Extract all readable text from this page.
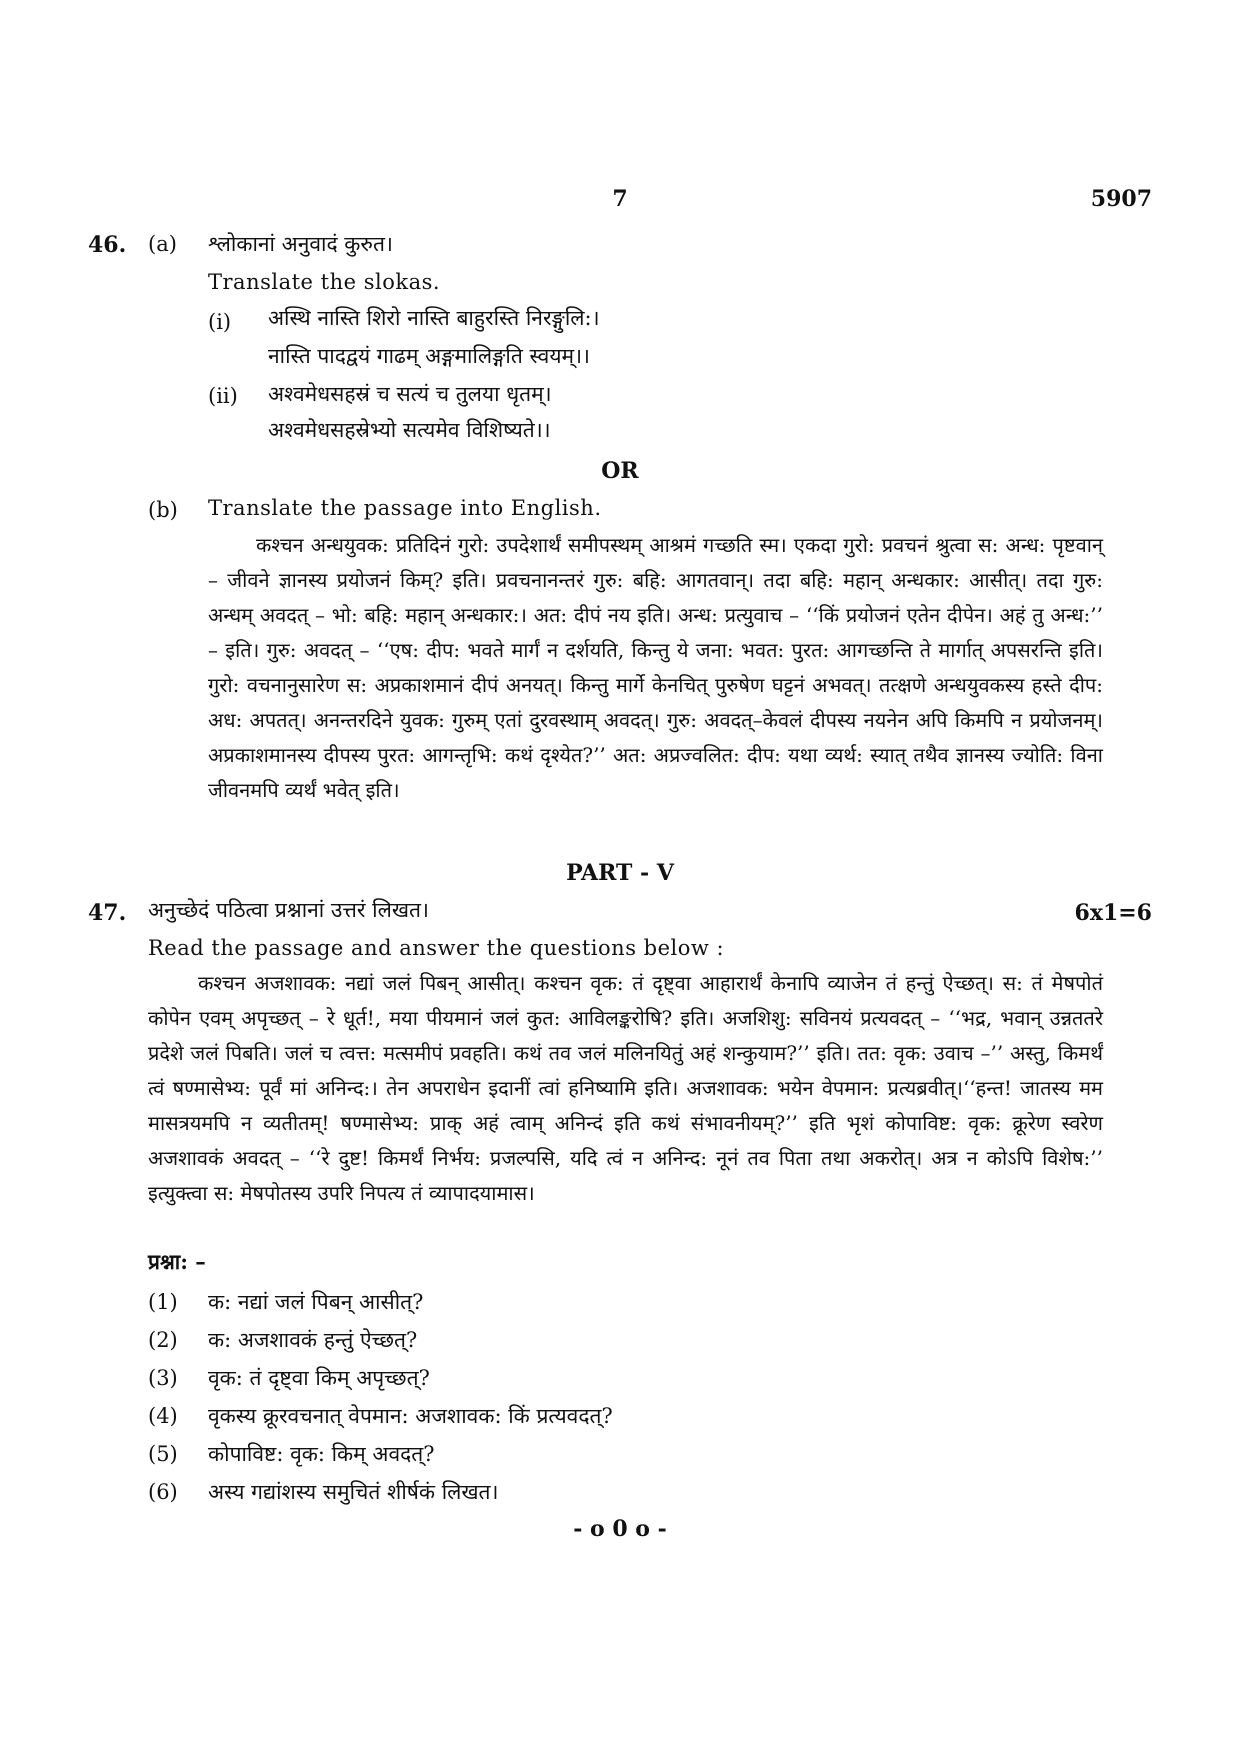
7	5907
46. (a) श्लोकानां अनुवादं कुरुत।
Translate the slokas.
(i) अस्थि नास्ति शिरो नास्ति बाहुरस्ति निरङ्गुलि:।
नास्ति पादद्वयं गाढम् अङ्गमालिङ्गति स्वयम्।।
(ii) अश्वमेधसहस्रं च सत्यं च तुलया धृतम्।
अश्वमेधसहस्रेभ्यो सत्यमेव विशिष्यते।।
OR
(b) Translate the passage into English.
कश्चन अन्धयुवक: प्रतिदिनं गुरो: उपदेशार्थं समीपस्थम् आश्रमं गच्छति स्म। एकदा गुरो: प्रवचनं श्रुत्वा स: अन्ध: पृष्टवान् – जीवने ज्ञानस्य प्रयोजनं किम्? इति। प्रवचनानन्तरं गुरु: बहि: आगतवान्। तदा बहि: महान् अन्धकार: आसीत्। तदा गुरु: अन्धम् अवदत् – भो: बहि: महान् अन्धकार:। अत: दीपं नय इति। अन्ध: प्रत्युवाच – ‘‘किं प्रयोजनं एतेन दीपेन। अहं तु अन्ध:’’ – इति। गुरु: अवदत् – ‘‘एष: दीप: भवते मार्गं न दर्शयति, किन्तु ये जना: भवत: पुरत: आगच्छन्ति ते मार्गात् अपसरन्ति इति। गुरो: वचनानुसारेण स: अप्रकाशमानं दीपं अनयत्। किन्तु मार्गे केनचित् पुरुषेण घट्टनं अभवत्। तत्क्षणे अन्धयुवकस्य हस्ते दीप: अध: अपतत्। अनन्तरदिने युवक: गुरुम् एतां दुरवस्थाम् अवदत्। गुरु: अवदत्–केवलं दीपस्य नयनेन अपि किमपि न प्रयोजनम्। अप्रकाशमानस्य दीपस्य पुरत: आगन्तृभि: कथं दृश्येत?’’ अत: अप्रज्वलित: दीप: यथा व्यर्थ: स्यात् तथैव ज्ञानस्य ज्योति: विना जीवनमपि व्यर्थं भवेत् इति।
PART - V
47. अनुच्छेदं पठित्वा प्रश्नानां उत्तरं लिखत।	6x1=6
Read the passage and answer the questions below :
कश्चन अजशावक: नद्यां जलं पिबन् आसीत्। कश्चन वृक: तं दृष्ट्वा आहारार्थं केनापि व्याजेन तं हन्तुं ऐच्छत्। स: तं मेषपोतं कोपेन एवम् अपृच्छत् – रे धूर्त!, मया पीयमानं जलं कुत: आविलङ्करोषि? इति। अजशिशु: सविनयं प्रत्यवदत् – ‘‘भद्र, भवान् उन्नततरे प्रदेशे जलं पिबति। जलं च त्वत्त: मत्समीपं प्रवहति। कथं तव जलं मलिनयितुं अहं शन्कुयाम?’’ इति। तत: वृक: उवाच –’’ अस्तु, किमर्थं त्वं षण्मासेभ्य: पूर्वं मां अनिन्द:। तेन अपराधेन इदानीं त्वां हनिष्यामि इति। अजशावक: भयेन वेपमान: प्रत्यब्रवीत्।‘‘हन्त! जातस्य मम मासत्रयमपि न व्यतीतम्! षण्मासेभ्य: प्राक् अहं त्वाम् अनिन्दं इति कथं संभावनीयम्?’’ इति भृशं कोपाविष्ट: वृक: क्रूरेण स्वरेण अजशावकं अवदत् – ‘‘रे दुष्ट! किमर्थं निर्भय: प्रजल्पसि, यदि त्वं न अनिन्द: नूनं तव पिता तथा अकरोत्। अत्र न कोऽपि विशेष:’’ इत्युक्त्वा स: मेषपोतस्य उपरि निपत्य तं व्यापादयामास।
प्रश्ना: –
(1) क: नद्यां जलं पिबन् आसीत्?
(2) क: अजशावकं हन्तुं ऐच्छत्?
(3) वृक: तं दृष्ट्वा किम् अपृच्छत्?
(4) वृकस्य क्रूरवचनात् वेपमान: अजशावक: किं प्रत्यवदत्?
(5) कोपाविष्ट: वृक: किम् अवदत्?
(6) अस्य गद्यांशस्य समुचितं शीर्षकं लिखत।
- o 0 o -
